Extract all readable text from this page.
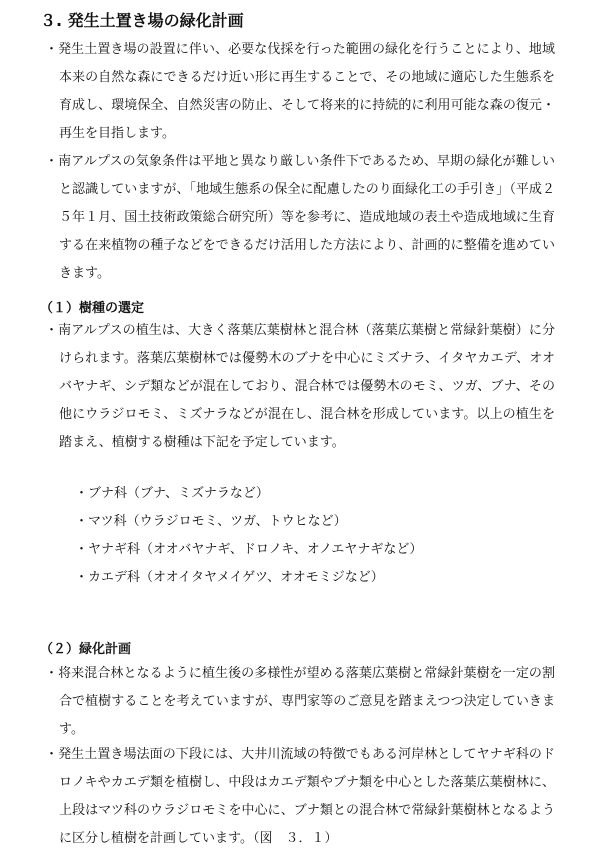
３. 発生土置き場の緑化計画

・発生土置き場の設置に伴い、必要な伐採を行った範囲の緑化を行うことにより、地域本来の自然な森にできるだけ近い形に再生することで、その地域に適応した生態系を育成し、環境保全、自然災害の防止、そして将来的に持続的に利用可能な森の復元・再生を目指します。

・南アルプスの気象条件は平地と異なり厳しい条件下であるため、早期の緑化が難しいと認識していますが、「地域生態系の保全に配慮したのり面緑化工の手引き」（平成２５年１月、国土技術政策総合研究所）等を参考に、造成地域の表土や造成地域に生育する在来植物の種子などをできるだけ活用した方法により、計画的に整備を進めていきます。

（１）樹種の選定

・南アルプスの植生は、大きく落葉広葉樹林と混合林（落葉広葉樹と常緑針葉樹）に分けられます。落葉広葉樹林では優勢木のブナを中心にミズナラ、イタヤカエデ、オオバヤナギ、シデ類などが混在しており、混合林では優勢木のモミ、ツガ、ブナ、その他にウラジロモミ、ミズナラなどが混在し、混合林を形成しています。以上の植生を踏まえ、植樹する樹種は下記を予定しています。

・ブナ科（ブナ、ミズナラなど）
・マツ科（ウラジロモミ、ツガ、トウヒなど）
・ヤナギ科（オオバヤナギ、ドロノキ、オノエヤナギなど）
・カエデ科（オオイタヤメイゲツ、オオモミジなど）
（２）緑化計画

・将来混合林となるように植生後の多様性が望める落葉広葉樹と常緑針葉樹を一定の割合で植樹することを考えていますが、専門家等のご意見を踏まえつつ決定していきます。

・発生土置き場法面の下段には、大井川流域の特徴でもある河岸林としてヤナギ科のドロノキやカエデ類を植樹し、中段はカエデ類やブナ類を中心とした落葉広葉樹林に、上段はマツ科のウラジロモミを中心に、ブナ類との混合林で常緑針葉樹林となるように区分し植樹を計画しています。（図　３．１）
